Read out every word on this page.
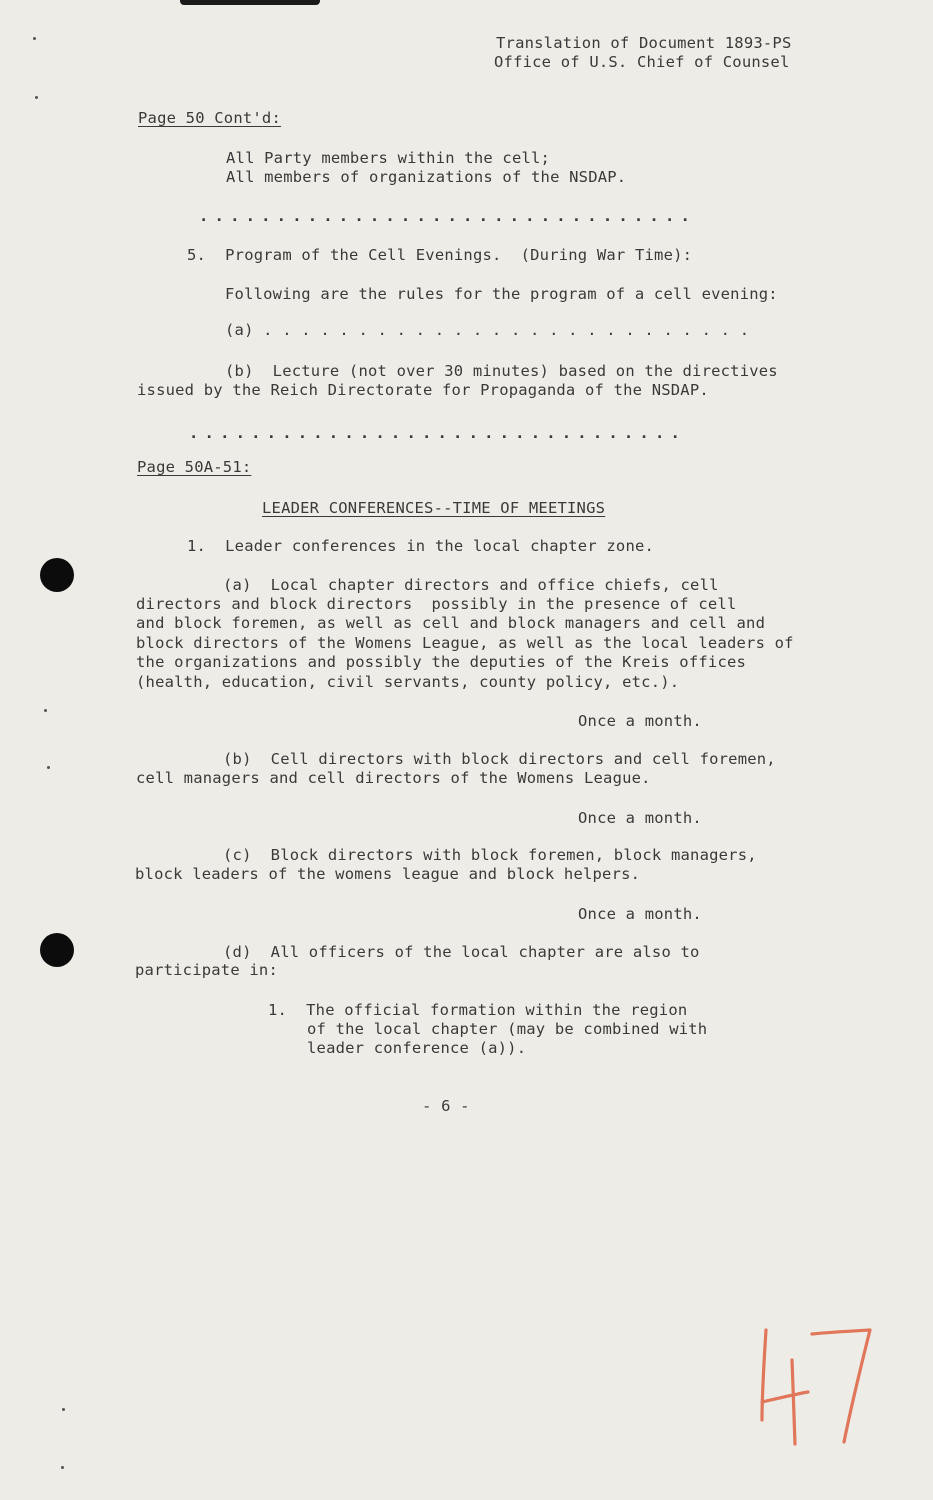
Translation of Document 1893-PS
Office of U.S. Chief of Counsel
Page 50 Cont'd:
All Party members within the cell;
All members of organizations of the NSDAP.
................................
5.  Program of the Cell Evenings.  (During War Time):
Following are the rules for the program of a cell evening:
(a) . . . . . . . . . . . . . . . . . . . . . . . . . .
(b)  Lecture (not over 30 minutes) based on the directives
issued by the Reich Directorate for Propaganda of the NSDAP.
................................
Page 50A-51:
LEADER CONFERENCES--TIME OF MEETINGS
1.  Leader conferences in the local chapter zone.
(a)  Local chapter directors and office chiefs, cell
directors and block directors  possibly in the presence of cell
and block foremen, as well as cell and block managers and cell and
block directors of the Womens League, as well as the local leaders of
the organizations and possibly the deputies of the Kreis offices
(health, education, civil servants, county policy, etc.).
Once a month.
(b)  Cell directors with block directors and cell foremen,
cell managers and cell directors of the Womens League.
Once a month.
(c)  Block directors with block foremen, block managers,
block leaders of the womens league and block helpers.
Once a month.
(d)  All officers of the local chapter are also to
participate in:
1.  The official formation within the region
of the local chapter (may be combined with
leader conference (a)).
- 6 -
